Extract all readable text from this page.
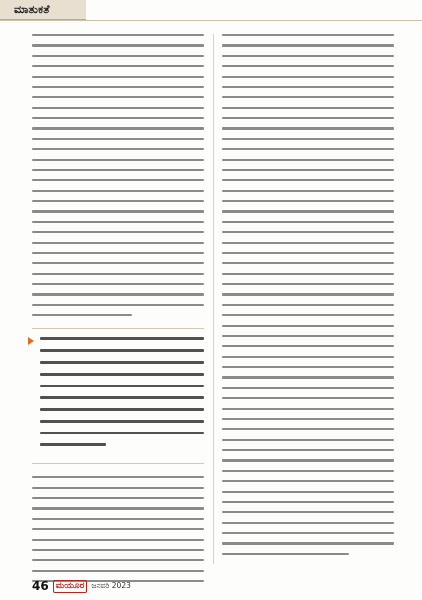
ಮಾತುಕತೆ
46 ಮಯೂರ ಜನವರಿ 2023
